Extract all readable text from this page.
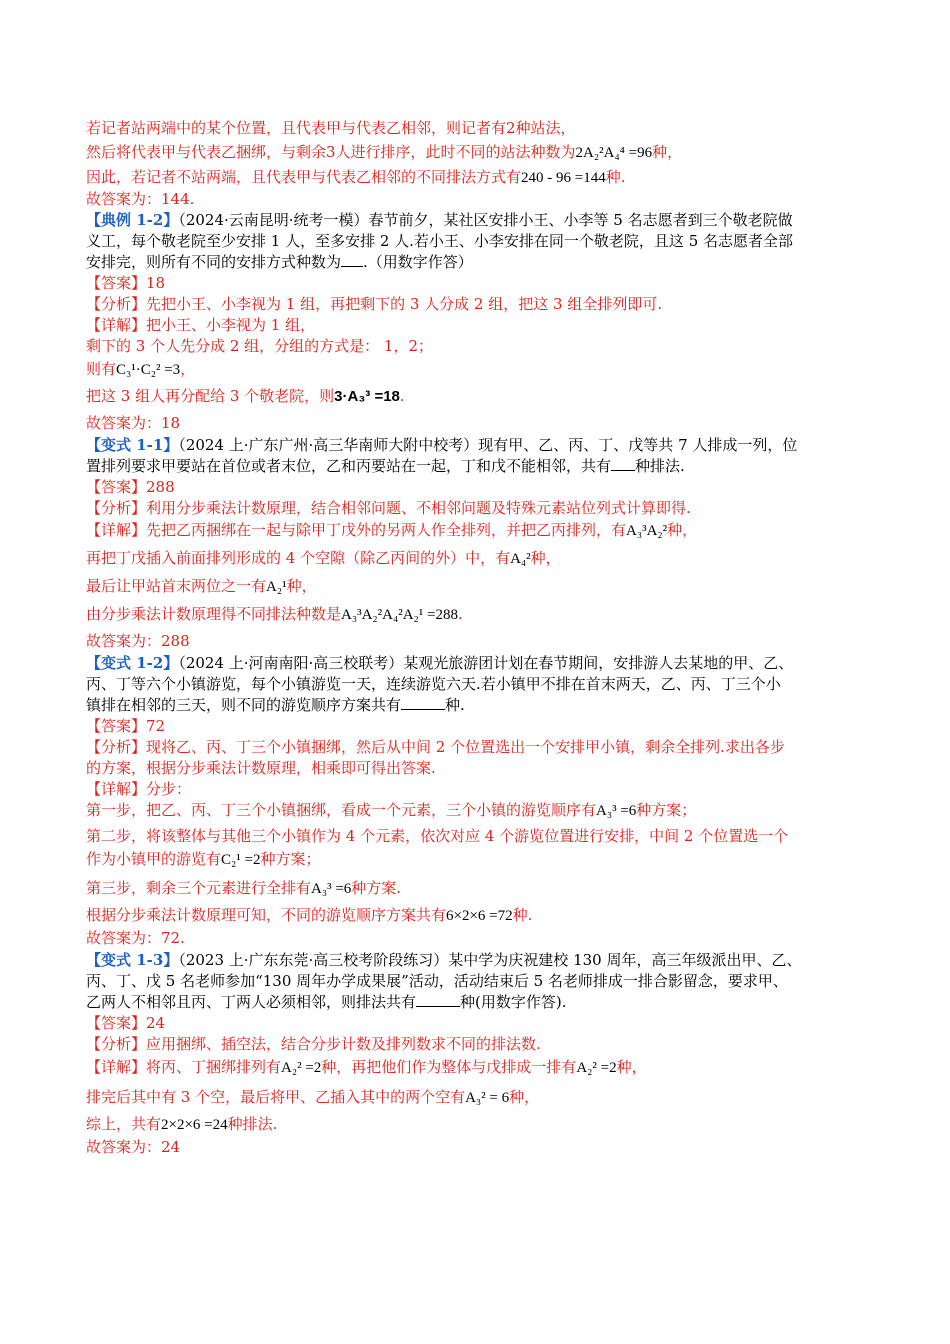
若记者站两端中的某个位置，且代表甲与代表乙相邻，则记者有2种站法，
然后将代表甲与代表乙捆绑，与剩余3人进行排序，此时不同的站法种数为2A₂²A₄⁴ =96种，
因此，若记者不站两端，且代表甲与代表乙相邻的不同排法方式有240 - 96 =144种.
故答案为：144.
【典例 1-2】（2024·云南昆明·统考一模）春节前夕，某社区安排小王、小李等 5 名志愿者到三个敬老院做
义工，每个敬老院至少安排 1 人，至多安排 2 人.若小王、小李安排在同一个敬老院，且这 5 名志愿者全部
安排完，则所有不同的安排方式种数为 .（用数字作答）
【答案】18
【分析】先把小王、小李视为 1 组，再把剩下的 3 人分成 2 组，把这 3 组全排列即可.
【详解】把小王、小李视为 1 组，
剩下的 3 个人先分成 2 组，分组的方式是： 1，2；
则有C₃¹·C₂² =3，
把这 3 组人再分配给 3 个敬老院，则3·A₃³ =18.
故答案为：18
【变式 1-1】（2024 上·广东广州·高三华南师大附中校考）现有甲、乙、丙、丁、戊等共 7 人排成一列，位
置排列要求甲要站在首位或者末位，乙和丙要站在一起，丁和戊不能相邻，共有 种排法.
【答案】288
【分析】利用分步乘法计数原理，结合相邻问题、不相邻问题及特殊元素站位列式计算即得.
【详解】先把乙丙捆绑在一起与除甲丁戊外的另两人作全排列，并把乙丙排列，有A₃³A₂²种，
再把丁戊插入前面排列形成的 4 个空隙（除乙丙间的外）中，有A₄²种，
最后让甲站首末两位之一有A₂¹种，
由分步乘法计数原理得不同排法种数是A₃³A₂²A₄²A₂¹ =288.
故答案为：288
【变式 1-2】（2024 上·河南南阳·高三校联考）某观光旅游团计划在春节期间，安排游人去某地的甲、乙、
丙、丁等六个小镇游览，每个小镇游览一天，连续游览六天.若小镇甲不排在首末两天，乙、丙、丁三个小
镇排在相邻的三天，则不同的游览顺序方案共有	种.
【答案】72
【分析】现将乙、丙、丁三个小镇捆绑，然后从中间 2 个位置选出一个安排甲小镇，剩余全排列.求出各步
的方案，根据分步乘法计数原理，相乘即可得出答案.
【详解】分步：
第一步，把乙、丙、丁三个小镇捆绑，看成一个元素，三个小镇的游览顺序有A₃³ =6种方案；
第二步，将该整体与其他三个小镇作为 4 个元素，依次对应 4 个游览位置进行安排，中间 2 个位置选一个
作为小镇甲的游览有C₂¹ =2种方案；
第三步，剩余三个元素进行全排有A₃³ =6种方案.
根据分步乘法计数原理可知，不同的游览顺序方案共有6×2×6 =72种.
故答案为：72.
【变式 1-3】（2023 上·广东东莞·高三校考阶段练习）某中学为庆祝建校 130 周年，高三年级派出甲、乙、
丙、丁、戊 5 名老师参加“130 周年办学成果展”活动，活动结束后 5 名老师排成一排合影留念，要求甲、
乙两人不相邻且丙、丁两人必须相邻，则排法共有	种(用数字作答).
【答案】24
【分析】应用捆绑、插空法，结合分步计数及排列数求不同的排法数.
【详解】将丙、丁捆绑排列有A₂² =2种，再把他们作为整体与戊排成一排有A₂² =2种，
排完后其中有 3 个空，最后将甲、乙插入其中的两个空有A₃² = 6种，
综上，共有2×2×6 =24种排法.
故答案为：24
